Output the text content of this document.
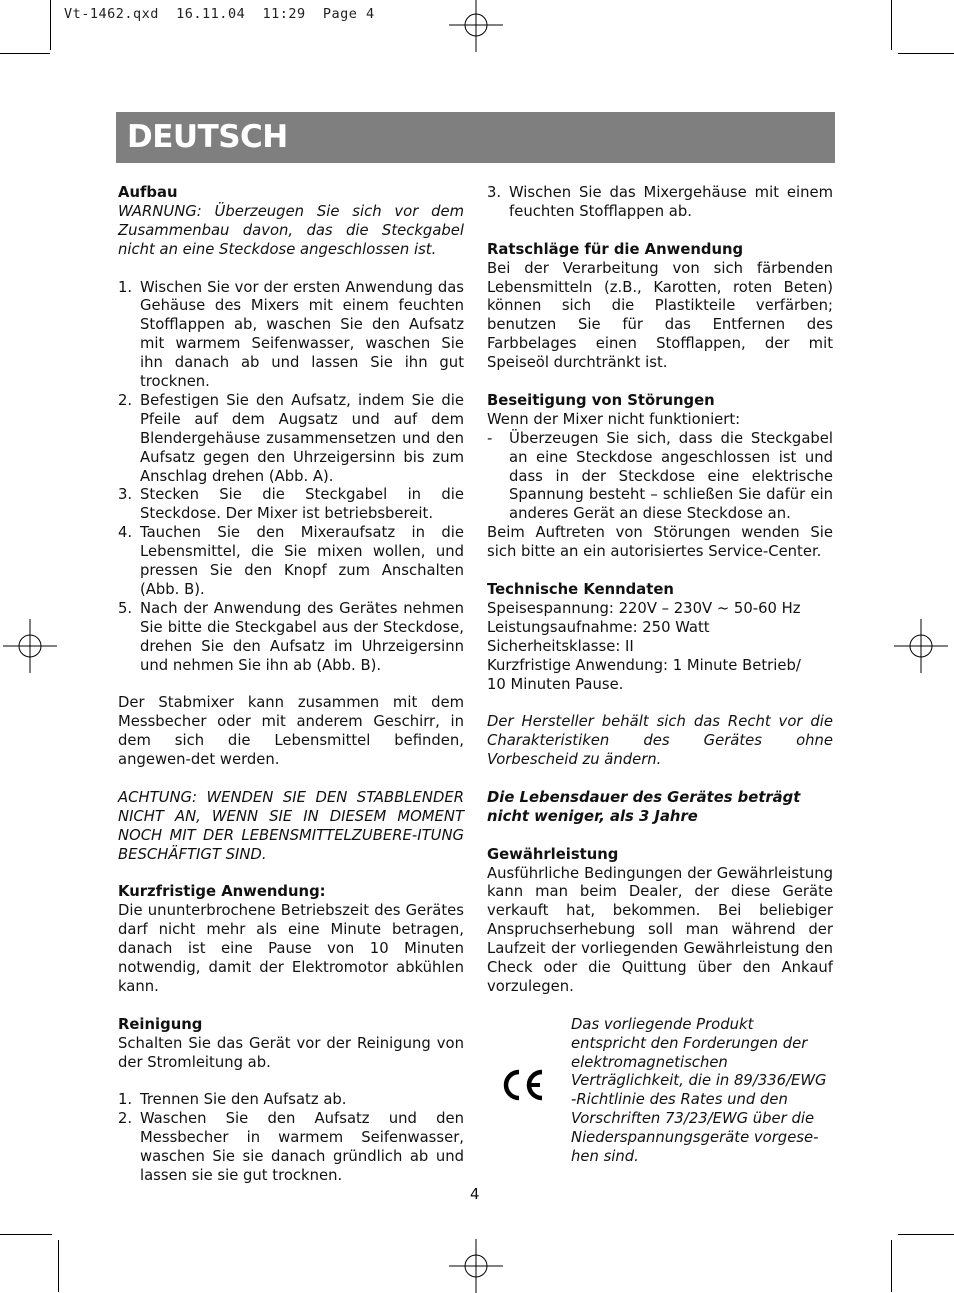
Vt-1462.qxd 16.11.04 11:29 Page 4
DEUTSCH

Aufbau

WARNUNG: Überzeugen Sie sich vor dem Zusammenbau davon, das die Steckgabel nicht an eine Steckdose angeschlossen ist.

1. Wischen Sie vor der ersten Anwendung das Gehäuse des Mixers mit einem feuchten Stofflappen ab, waschen Sie den Aufsatz mit warmem Seifenwasser, waschen Sie ihn danach ab und lassen Sie ihn gut trocknen.
2. Befestigen Sie den Aufsatz, indem Sie die Pfeile auf dem Augsatz und auf dem Blendergehäuse zusammensetzen und den Aufsatz gegen den Uhrzeigersinn bis zum Anschlag drehen (Abb. A).
3. Stecken Sie die Steckgabel in die Steckdose. Der Mixer ist betriebsbereit.
4. Tauchen Sie den Mixeraufsatz in die Lebensmittel, die Sie mixen wollen, und pressen Sie den Knopf zum Anschalten (Abb. B).
5. Nach der Anwendung des Gerätes nehmen Sie bitte die Steckgabel aus der Steckdose, drehen Sie den Aufsatz im Uhrzeigersinn und nehmen Sie ihn ab (Abb. B).

Der Stabmixer kann zusammen mit dem Messbecher oder mit anderem Geschirr, in dem sich die Lebensmittel befinden, angewen-det werden.

ACHTUNG: WENDEN SIE DEN STABBLENDER NICHT AN, WENN SIE IN DIESEM MOMENT NOCH MIT DER LEBENSMITTELZUBERE-ITUNG BESCHÄFTIGT SIND.

Kurzfristige Anwendung:

Die ununterbrochene Betriebszeit des Gerätes darf nicht mehr als eine Minute betragen, danach ist eine Pause von 10 Minuten notwendig, damit der Elektromotor abkühlen kann.

Reinigung

Schalten Sie das Gerät vor der Reinigung von der Stromleitung ab.

1. Trennen Sie den Aufsatz ab.
2. Waschen Sie den Aufsatz und den Messbecher in warmem Seifenwasser, waschen Sie sie danach gründlich ab und lassen sie sie gut trocknen.
3. Wischen Sie das Mixergehäuse mit einem feuchten Stofflappen ab.

Ratschläge für die Anwendung

Bei der Verarbeitung von sich färbenden Lebensmitteln (z.B., Karotten, roten Beten) können sich die Plastikteile verfärben; benutzen Sie für das Entfernen des Farbbelages einen Stofflappen, der mit Speiseöl durchtränkt ist.

Beseitigung von Störungen

Wenn der Mixer nicht funktioniert:

-	Überzeugen Sie sich, dass die Steckgabel an eine Steckdose angeschlossen ist und dass in der Steckdose eine elektrische Spannung besteht – schließen Sie dafür ein anderes Gerät an diese Steckdose an.

Beim Auftreten von Störungen wenden Sie sich bitte an ein autorisiertes Service-Center.

Technische Kenndaten

Speisespannung: 220V – 230V ~ 50-60 Hz

Leistungsaufnahme: 250 Watt

Sicherheitsklasse: II

Kurzfristige Anwendung: 1 Minute Betrieb/

10 Minuten Pause.

Der Hersteller behält sich das Recht vor die Charakteristiken des Gerätes ohne Vorbescheid zu ändern.

Die Lebensdauer des Gerätes beträgt nicht weniger, als 3 Jahre

Gewährleistung

Ausführliche Bedingungen der Gewährleistung kann man beim Dealer, der diese Geräte verkauft hat, bekommen. Bei beliebiger Anspruchserhebung soll man während der Laufzeit der vorliegenden Gewährleistung den Check oder die Quittung über den Ankauf vorzulegen.

Das vorliegende Produkt

entspricht den Forderungen der

elektromagnetischen

Verträglichkeit, die in 89/336/EWG

-Richtlinie des Rates und den

Vorschriften 73/23/EWG über die

Niederspannungsgeräte vorgese-

hen sind.

4
